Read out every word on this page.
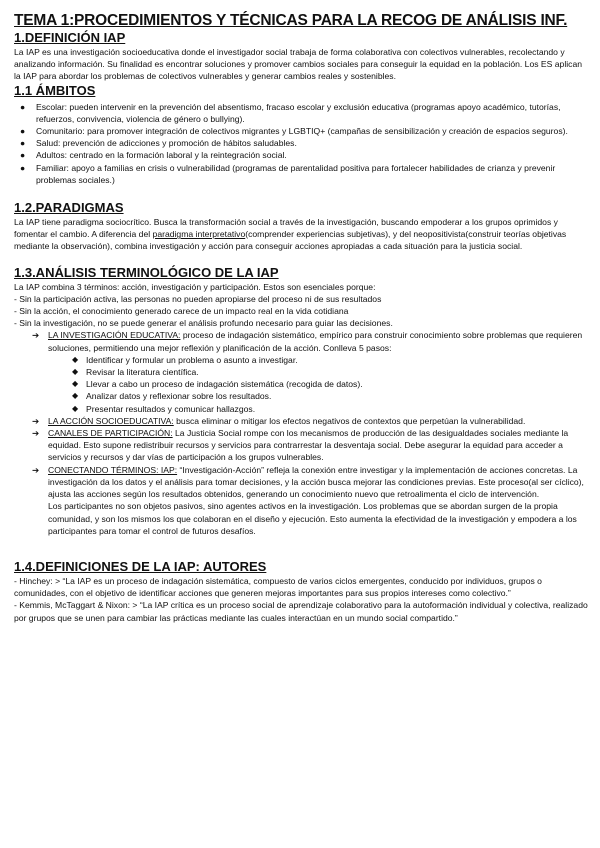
TEMA 1:PROCEDIMIENTOS Y TÉCNICAS PARA LA RECOG DE ANÁLISIS INF.
1.DEFINICIÓN IAP

La IAP es una investigación socioeducativa donde el investigador social trabaja de forma colaborativa con colectivos vulnerables, recolectando y analizando información. Su finalidad es encontrar soluciones y promover cambios sociales para conseguir la equidad en la población. Los ES aplican la IAP para abordar los problemas de colectivos vulnerables y generar cambios reales y sostenibles.

1.1 ÁMBITOS
● Escolar: pueden intervenir en la prevención del absentismo, fracaso escolar y exclusión educativa (programas apoyo académico, tutorías, refuerzos, convivencia, violencia de género o bullying).
● Comunitario: para promover integración de colectivos migrantes y LGBTIQ+ (campañas de sensibilización y creación de espacios seguros).
● Salud: prevención de adicciones y promoción de hábitos saludables.
● Adultos: centrado en la formación laboral y la reintegración social.
● Familiar: apoyo a familias en crisis o vulnerabilidad (programas de parentalidad positiva para fortalecer habilidades de crianza y prevenir problemas sociales.)
1.2.PARADIGMAS

La IAP tiene paradigma sociocrítico. Busca la transformación social a través de la investigación, buscando empoderar a los grupos oprimidos y fomentar el cambio. A diferencia del paradigma interpretativo(comprender experiencias subjetivas), y del neopositivista(construir teorías objetivas mediante la observación), combina investigación y acción para conseguir acciones apropiadas a cada situación para la justicia social.

1.3.ANÁLISIS TERMINOLÓGICO DE LA IAP

La IAP combina 3 términos: acción, investigación y participación. Estos son esenciales porque:

- Sin la participación activa, las personas no pueden apropiarse del proceso ni de sus resultados

- Sin la acción, el conocimiento generado carece de un impacto real en la vida cotidiana

- Sin la investigación, no se puede generar el análisis profundo necesario para guiar las decisiones.

➔ LA INVESTIGACIÓN EDUCATIVA: proceso de indagación sistemático, empírico para construir conocimiento sobre problemas que requieren soluciones, permitiendo una mejor reflexión y planificación de la acción. Conlleva 5 pasos:
◆ Identificar y formular un problema o asunto a investigar.
◆ Revisar la literatura científica.
◆ Llevar a cabo un proceso de indagación sistemática (recogida de datos).
◆ Analizar datos y reflexionar sobre los resultados.
◆ Presentar resultados y comunicar hallazgos.
➔ LA ACCIÓN SOCIOEDUCATIVA: busca eliminar o mitigar los efectos negativos de contextos que perpetúan la vulnerabilidad.
➔ CANALES DE PARTICIPACIÓN: La Justicia Social rompe con los mecanismos de producción de las desigualdades sociales mediante la equidad. Esto supone redistribuir recursos y servicios para contrarrestar la desventaja social. Debe asegurar la equidad para acceder a servicios y recursos y dar vías de participación a los grupos vulnerables.
➔ CONECTANDO TÉRMINOS: IAP: “Investigación-Acción” refleja la conexión entre investigar y la implementación de acciones concretas. La investigación da los datos y el análisis para tomar decisiones, y la acción busca mejorar las condiciones previas. Este proceso(al ser cíclico), ajusta las acciones según los resultados obtenidos, generando un conocimiento nuevo que retroalimenta el ciclo de intervención.
Los participantes no son objetos pasivos, sino agentes activos en la investigación. Los problemas que se abordan surgen de la propia comunidad, y son los mismos los que colaboran en el diseño y ejecución. Esto aumenta la efectividad de la investigación y empodera a los participantes para tomar el control de futuros desafíos.
1.4.DEFINICIONES DE LA IAP: AUTORES

- Hinchey: > “La IAP es un proceso de indagación sistemática, compuesto de varios ciclos emergentes, conducido por individuos, grupos o comunidades, con el objetivo de identificar acciones que generen mejoras importantes para sus propios intereses como colectivo.”

- Kemmis, McTaggart & Nixon: > “La IAP crítica es un proceso social de aprendizaje colaborativo para la autoformación individual y colectiva, realizado por grupos que se unen para cambiar las prácticas mediante las cuales interactúan en un mundo social compartido.”
